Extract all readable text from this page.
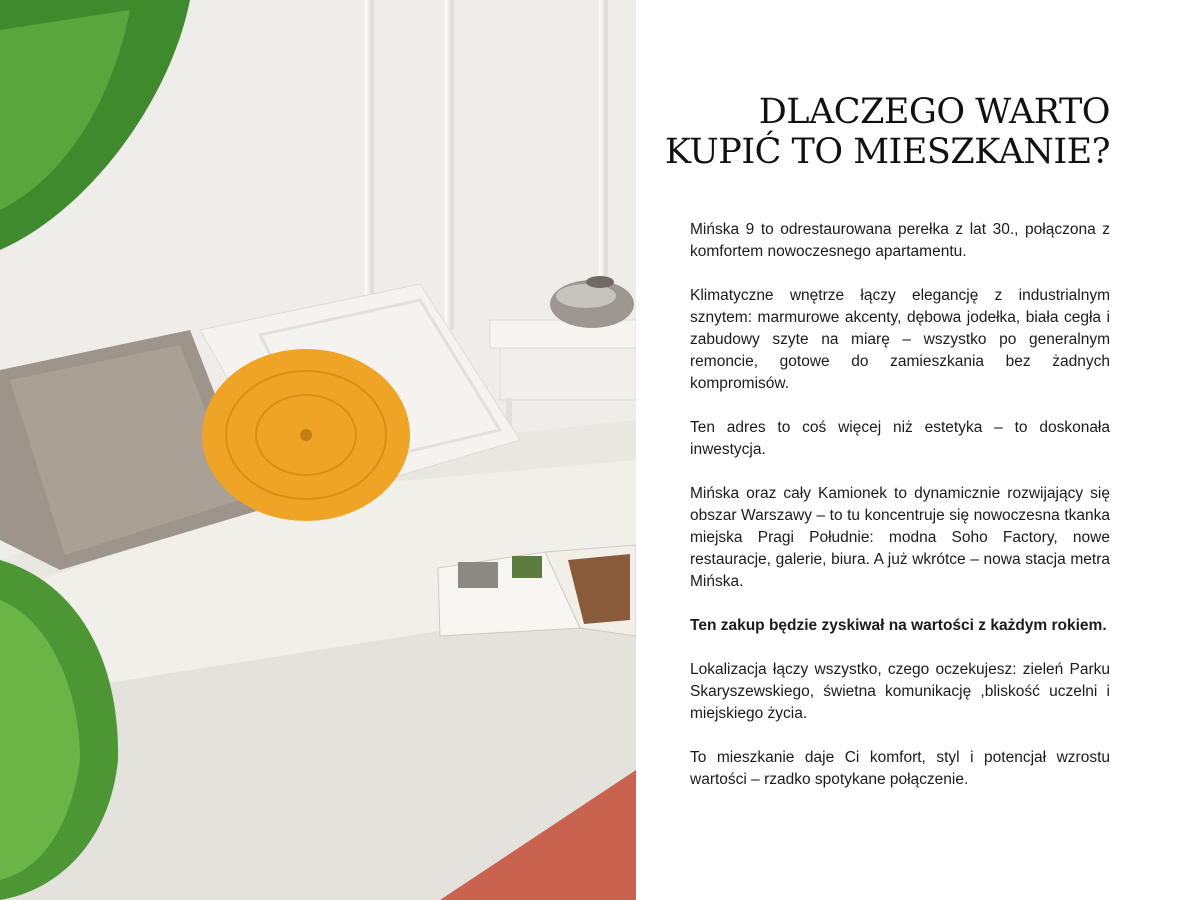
DLACZEGO WARTO
KUPIĆ TO MIESZKANIE?

Mińska 9 to odrestaurowana perełka z lat 30., połączona z komfortem nowoczesnego apartamentu.

Klimatyczne wnętrze łączy elegancję z industrialnym sznytem: marmurowe akcenty, dębowa jodełka, biała cegła i zabudowy szyte na miarę – wszystko po generalnym remoncie, gotowe do zamieszkania bez żadnych kompromisów.

Ten adres to coś więcej niż estetyka – to doskonała inwestycja.

Mińska oraz cały Kamionek to dynamicznie rozwijający się obszar Warszawy – to tu koncentruje się nowoczesna tkanka miejska Pragi Południe: modna Soho Factory, nowe restauracje, galerie, biura. A już wkrótce – nowa stacja metra Mińska.

Ten zakup będzie zyskiwał na wartości z każdym rokiem.

Lokalizacja łączy wszystko, czego oczekujesz: zieleń Parku Skaryszewskiego, świetna komunikację ,bliskość uczelni i miejskiego życia.

To mieszkanie daje Ci komfort, styl i potencjał wzrostu wartości – rzadko spotykane połączenie.
